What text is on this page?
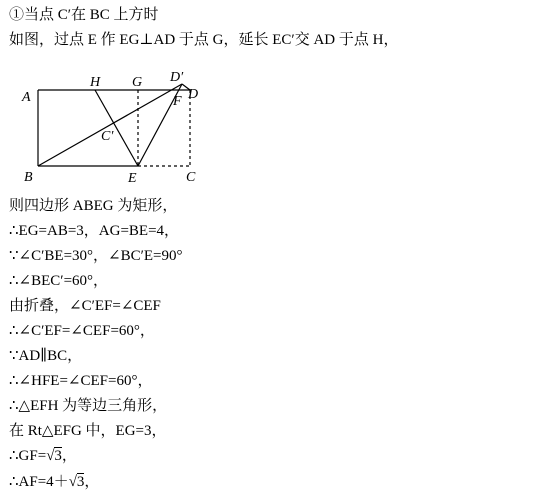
①当点 C′在 BC 上方时
如图，过点 E 作 EG⊥AD 于点 G，延长 EC′交 AD 于点 H，
A
B	C
D
E
F
G
H
C′
D′
则四边形 ABEG 为矩形，
∴EG=AB=3，AG=BE=4，
∵∠C′BE=30°，∠BC′E=90°
∴∠BEC′=60°，
由折叠，∠C′EF=∠CEF
∴∠C′EF=∠CEF=60°，
∵AD∥BC，
∴∠HFE=∠CEF=60°，
∴△EFH 为等边三角形，
在 Rt△EFG 中，EG=3，
∴GF=√
3，
∴AF=4＋√
3，
